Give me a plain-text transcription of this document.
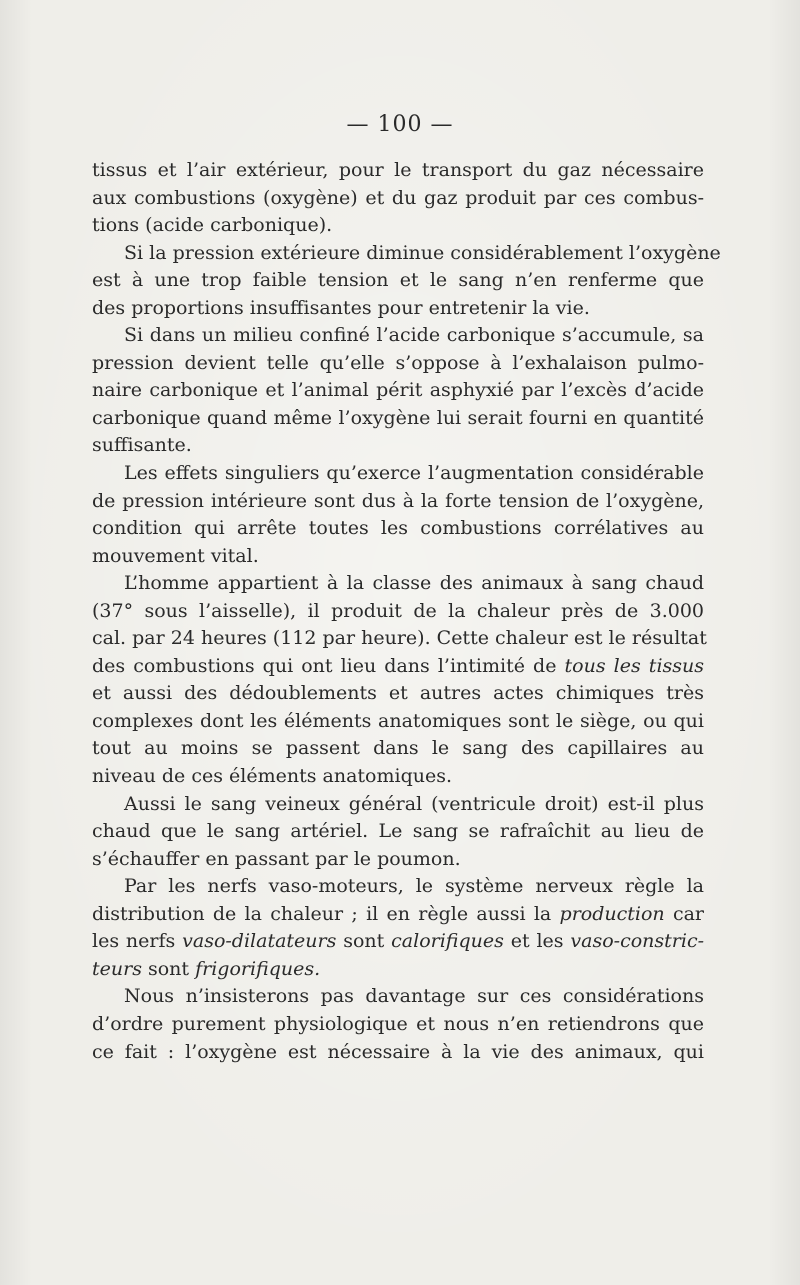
— 100 —
tissus et l’air extérieur, pour le transport du gaz nécessaire
aux combustions (oxygène) et du gaz produit par ces combus-
tions (acide carbonique).
Si la pression extérieure diminue considérablement l’oxygène
est à une trop faible tension et le sang n’en renferme que
des proportions insuffisantes pour entretenir la vie.
Si dans un milieu confiné l’acide carbonique s’accumule, sa
pression devient telle qu’elle s’oppose à l’exhalaison pulmo-
naire carbonique et l’animal périt asphyxié par l’excès d’acide
carbonique quand même l’oxygène lui serait fourni en quantité
suffisante.
Les effets singuliers qu’exerce l’augmentation considérable
de pression intérieure sont dus à la forte tension de l’oxygène,
condition qui arrête toutes les combustions corrélatives au
mouvement vital.
L’homme appartient à la classe des animaux à sang chaud
(37° sous l’aisselle), il produit de la chaleur près de 3.000
cal. par 24 heures (112 par heure). Cette chaleur est le résultat
des combustions qui ont lieu dans l’intimité de tous les tissus
et aussi des dédoublements et autres actes chimiques très
complexes dont les éléments anatomiques sont le siège, ou qui
tout au moins se passent dans le sang des capillaires au
niveau de ces éléments anatomiques.
Aussi le sang veineux général (ventricule droit) est-il plus
chaud que le sang artériel. Le sang se rafraîchit au lieu de
s’échauffer en passant par le poumon.
Par les nerfs vaso-moteurs, le système nerveux règle la
distribution de la chaleur ; il en règle aussi la production car
les nerfs vaso-dilatateurs sont calorifiques et les vaso-constric-
teurs sont frigorifiques.
Nous n’insisterons pas davantage sur ces considérations
d’ordre purement physiologique et nous n’en retiendrons que
ce fait : l’oxygène est nécessaire à la vie des animaux, qui
